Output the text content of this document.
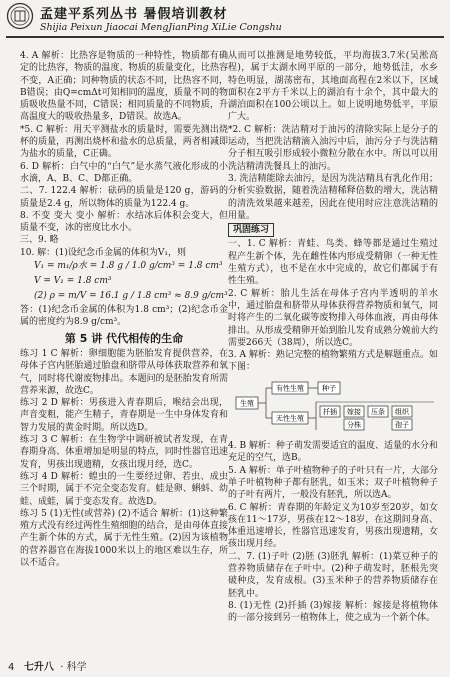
孟建平系列丛书 暑假培训教材
Shijia Peixun Jiaocai MengJianPing XiLie Congshu

4. A 解析：比热容是物质的一种特性，物质都有确定的比热容，物质的温度、物质的质量变化，比热容不变，A正确；同种物质的状态不同，比热容不同，B错误；由Q=cmΔt可知相同的温度，质量不同的物质吸收热量不同，C错误；相同质量的不同物质，升高温度大的吸收热量多，D错误。故选A。

*5. C 解析：用天平测盐水的质量时，需要先测出烧杯的质量，再测出烧杯和盐水的总质量，两者相减即为盐水的质量，C正确。

6. D 解析：白气中的“白气”是水蒸气液化形成的小水滴，A、B、C、D都正确。

二、7. 122.4 解析：砝码的质量是120 g，游码的质量是2.4 g，所以物体的质量为122.4 g。

8. 不变 变大 变小 解析：水结冰后体积会变大，但质量不变，冰的密度比水小。

三、9. 略

10. 解：(1)设纪念币金属的体积为V₁，则

V₁ = m₁/ρ水 = 1.8 g / 1.0 g/cm³ = 1.8 cm³
V = V₁ = 1.8 cm³
(2) ρ = m/V = 16.1 g / 1.8 cm³ ≈ 8.9 g/cm³

答：(1)纪念币金属的体积为1.8 cm³；(2)纪念币金属的密度约为8.9 g/cm³。

第 5 讲 代代相传的生命

练习 1 C 解析：卵细胞能为胚胎发育提供营养，在母体子宫内胚胎通过胎盘和脐带从母体获取营养和氧气，同时将代谢废物排出。本题问的是胚胎发育所需营养来源，故选C。

练习 2 D 解析：男孩进入青春期后，喉结会出现，声音变粗，能产生精子，青春期是一生中身体发育和智力发展的黄金时期。所以选D。

练习 3 C 解析：在生物学中调研被试者发现，在青春期身高、体重增加是明显的特点，同时性器官迅速发育，男孩出现遗精，女孩出现月经，选C。

练习 4 D 解析：蝗虫的一生要经过卵、若虫、成虫三个时期，属于不完全变态发育。蛙是卵、蝌蚪、幼蛙、成蛙，属于变态发育。故选D。

练习 5 (1)无性(或营养) (2)不适合 解析：(1)这种繁殖方式没有经过两性生殖细胞的结合，是由母体直接产生新个体的方式，属于无性生殖。(2)因为该植物的营养器官在海拔1000米以上的地区难以生存，所以不适合。

从而可以推测是地势较低，平均海拔3.7米(吴淞高程)，属于太湖水网平原的一部分，地势低洼，水乡特色明显，湖荡密布，其地面高程在2米以下，区域面积在2平方千米以上的湖泊有十余个，其中最大的湖泊面积在100公顷以上。如上说明地势低平，平原广大。

*2. C 解析：洗洁精对于油污的清除实际上是分子的运动，当把洗洁精滴入油污中后，油污分子与洗洁精分子相互吸引形成较小微粒分散在水中。所以可以用洗洁精清洗餐具上的油污。

3. 洗洁精能除去油污，是因为洗洁精具有乳化作用；分析实验数据，随着洗洁精稀释倍数的增大，洗洁精的清洗效果越来越差，因此在使用时应注意洗洁精的用量。

巩固练习

一、1. C 解析：青蛙、鸟类、蜂等都是通过生殖过程产生新个体，先在雌性体内形成受精卵（一种无性生殖方式），也不是在水中完成的，故它们都属于有性生殖。

2. C 解析：胎儿生活在母体子宫内半透明的羊水中，通过胎盘和脐带从母体获得营养物质和氧气，同时将产生的二氧化碳等废物排入母体血液，再由母体排出。从形成受精卵开始到胎儿发育成熟分娩前大约需要266天（38周），所以选C。

3. A 解析：熟记完整的植物繁殖方式是解题重点。如下图：

生殖
有性生殖
无性生殖
种子
扦插 嫁接 压条 组织
分株	孢子

4. B 解析：种子萌发需要适宜的温度、适量的水分和充足的空气，选B。

5. A 解析：单子叶植物种子的子叶只有一片，大部分单子叶植物种子都有胚乳，如玉米；双子叶植物种子的子叶有两片，一般没有胚乳，所以选A。

6. C 解析：青春期的年龄定义为10岁至20岁，如女孩在11～17岁，男孩在12～18岁，在这期间身高、体重迅速增长，性器官迅速发育，男孩出现遗精，女孩出现月经。

二、7. (1)子叶 (2)胚 (3)胚乳 解析：(1)菜豆种子的营养物质储存在子叶中。(2)种子萌发时，胚根先突破种皮，发育成根。(3)玉米种子的营养物质储存在胚乳中。

8. (1)无性 (2)扦插 (3)嫁接 解析：嫁接是将植物体的一部分接到另一植物体上，使之成为一个新个体。

4 七升八  · 科学
